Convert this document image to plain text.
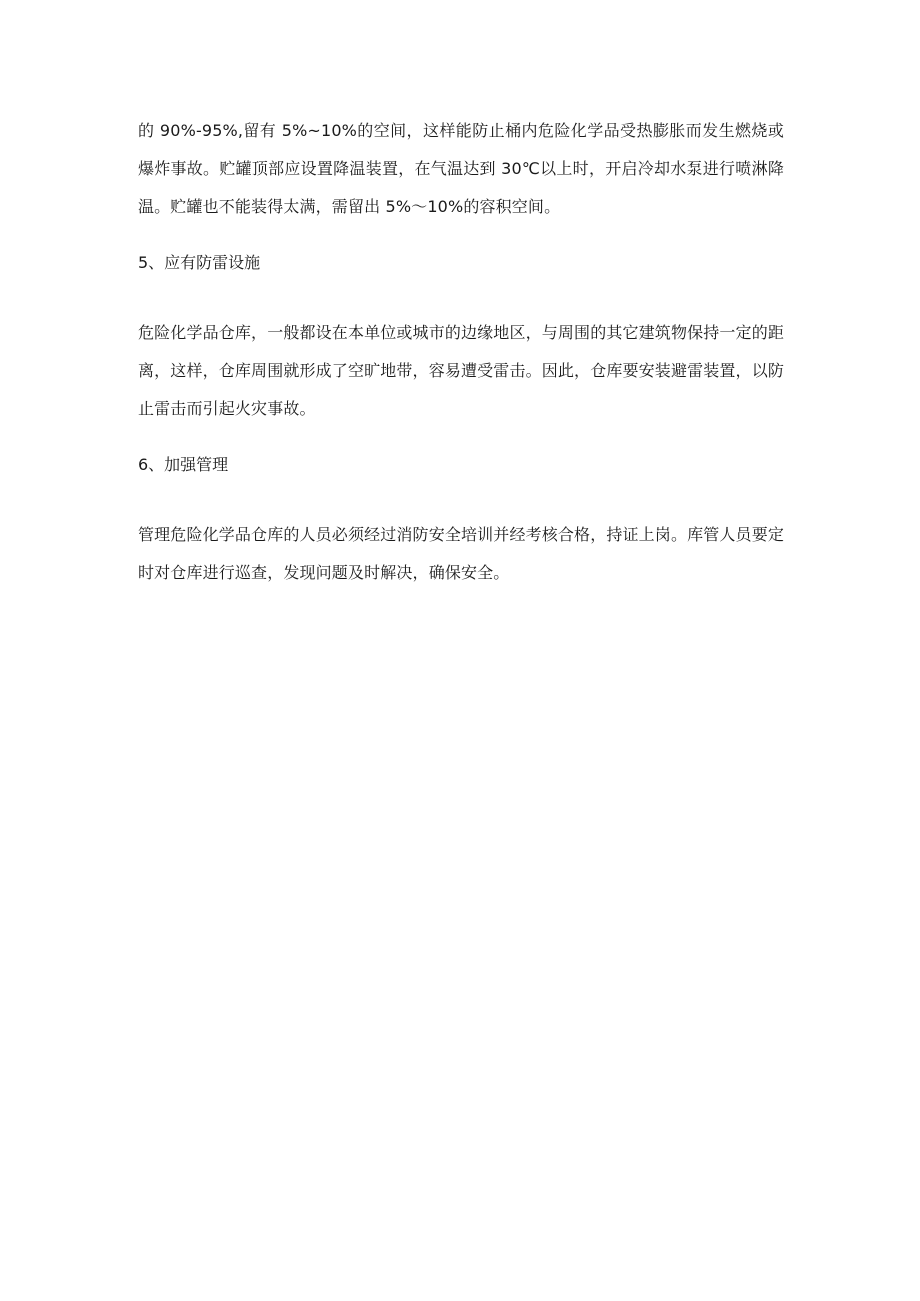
的 90%-95%,留有 5%~10%的空间，这样能防止桶内危险化学品受热膨胀而发生燃烧或爆炸事故。贮罐顶部应设置降温装置，在气温达到 30℃以上时，开启冷却水泵进行喷淋降温。贮罐也不能装得太满，需留出 5%～10%的容积空间。

5、应有防雷设施

危险化学品仓库，一般都设在本单位或城市的边缘地区，与周围的其它建筑物保持一定的距离，这样，仓库周围就形成了空旷地带，容易遭受雷击。因此，仓库要安装避雷装置，以防止雷击而引起火灾事故。

6、加强管理

管理危险化学品仓库的人员必须经过消防安全培训并经考核合格，持证上岗。库管人员要定时对仓库进行巡查，发现问题及时解决，确保安全。
